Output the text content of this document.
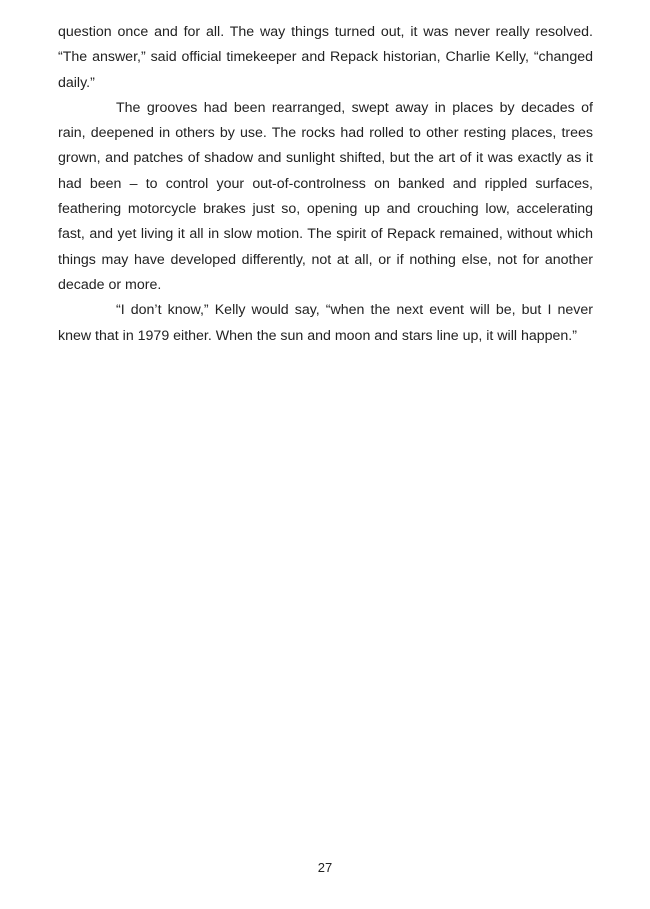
question once and for all. The way things turned out, it was never really resolved. “The answer,” said official timekeeper and Repack historian, Charlie Kelly, “changed daily.”

The grooves had been rearranged, swept away in places by decades of rain, deepened in others by use. The rocks had rolled to other resting places, trees grown, and patches of shadow and sunlight shifted, but the art of it was exactly as it had been – to control your out-of-controlness on banked and rippled surfaces, feathering motorcycle brakes just so, opening up and crouching low, accelerating fast, and yet living it all in slow motion. The spirit of Repack remained, without which things may have developed differently, not at all, or if nothing else, not for another decade or more.

“I don’t know,” Kelly would say, “when the next event will be, but I never knew that in 1979 either. When the sun and moon and stars line up, it will happen.”

27
